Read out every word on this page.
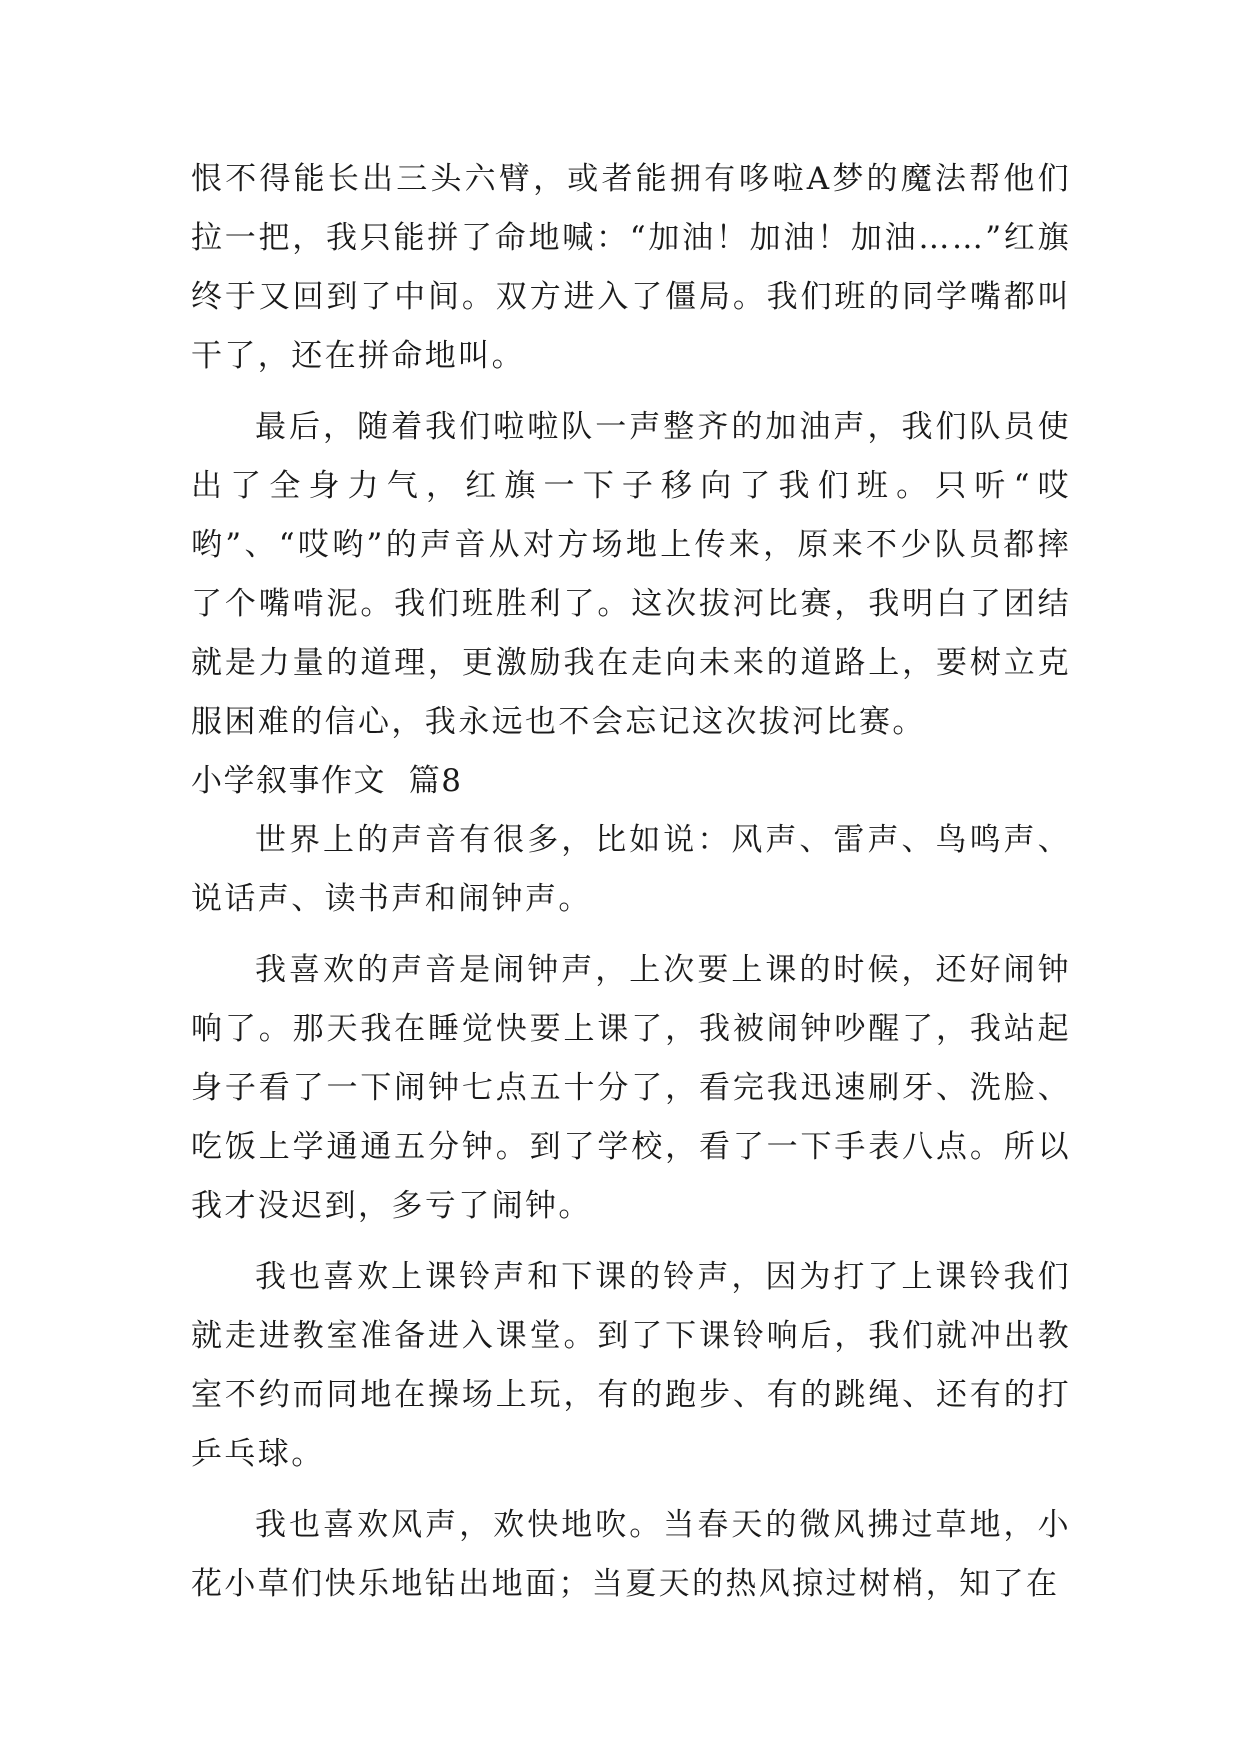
恨不得能长出三头六臂，或者能拥有哆啦A梦的魔法帮他们拉一把，我只能拼了命地喊：“加油！加油！加油……”红旗终于又回到了中间。双方进入了僵局。我们班的同学嘴都叫干了，还在拼命地叫。

最后，随着我们啦啦队一声整齐的加油声，我们队员使出了全身力气，红旗一下子移向了我们班。只听“哎哟”、“哎哟”的声音从对方场地上传来，原来不少队员都摔了个嘴啃泥。我们班胜利了。这次拔河比赛，我明白了团结就是力量的道理，更激励我在走向未来的道路上，要树立克服困难的信心，我永远也不会忘记这次拔河比赛。

小学叙事作文  篇8

世界上的声音有很多，比如说：风声、雷声、鸟鸣声、说话声、读书声和闹钟声。

我喜欢的声音是闹钟声，上次要上课的时候，还好闹钟响了。那天我在睡觉快要上课了，我被闹钟吵醒了，我站起身子看了一下闹钟七点五十分了，看完我迅速刷牙、洗脸、吃饭上学通通五分钟。到了学校，看了一下手表八点。所以我才没迟到，多亏了闹钟。

我也喜欢上课铃声和下课的铃声，因为打了上课铃我们就走进教室准备进入课堂。到了下课铃响后，我们就冲出教室不约而同地在操场上玩，有的跑步、有的跳绳、还有的打乒乓球。

我也喜欢风声，欢快地吹。当春天的微风拂过草地，小花小草们快乐地钻出地面；当夏天的热风掠过树梢，知了在
